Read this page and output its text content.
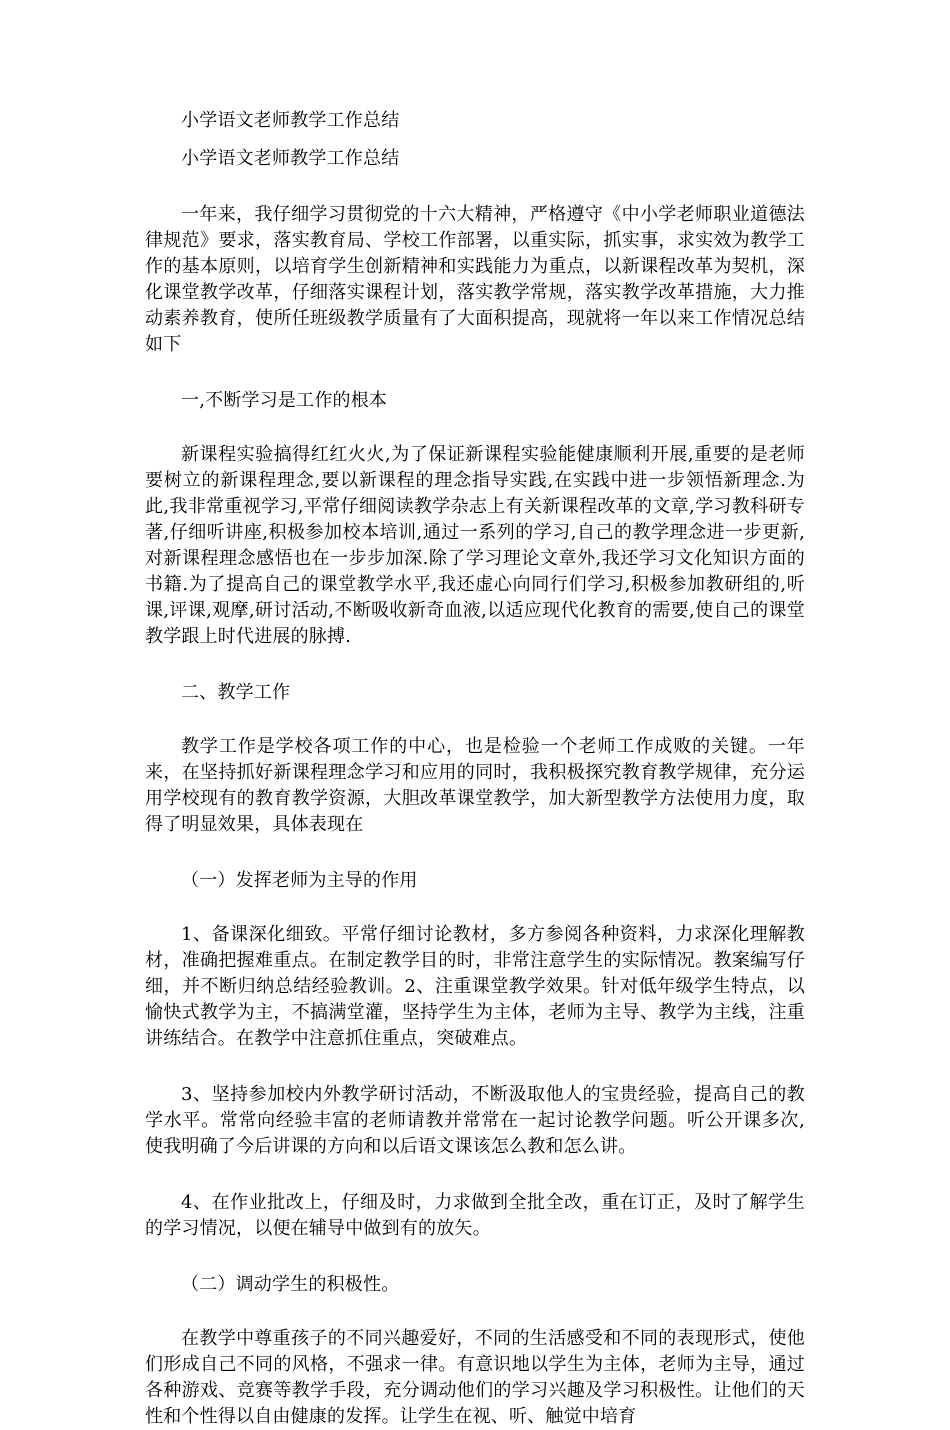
小学语文老师教学工作总结

小学语文老师教学工作总结

一年来，我仔细学习贯彻党的十六大精神，严格遵守《中小学老师职业道德法律规范》要求，落实教育局、学校工作部署，以重实际，抓实事，求实效为教学工作的基本原则，以培育学生创新精神和实践能力为重点，以新课程改革为契机，深化课堂教学改革，仔细落实课程计划，落实教学常规，落实教学改革措施，大力推动素养教育，使所任班级教学质量有了大面积提高，现就将一年以来工作情况总结如下

一,不断学习是工作的根本

新课程实验搞得红红火火,为了保证新课程实验能健康顺利开展,重要的是老师要树立的新课程理念,要以新课程的理念指导实践,在实践中进一步领悟新理念.为此,我非常重视学习,平常仔细阅读教学杂志上有关新课程改革的文章,学习教科研专著,仔细听讲座,积极参加校本培训,通过一系列的学习,自己的教学理念进一步更新,对新课程理念感悟也在一步步加深.除了学习理论文章外,我还学习文化知识方面的书籍.为了提高自己的课堂教学水平,我还虚心向同行们学习,积极参加教研组的,听课,评课,观摩,研讨活动,不断吸收新奇血液,以适应现代化教育的需要,使自己的课堂教学跟上时代进展的脉搏.

二、教学工作

教学工作是学校各项工作的中心，也是检验一个老师工作成败的关键。一年来，在坚持抓好新课程理念学习和应用的同时，我积极探究教育教学规律，充分运用学校现有的教育教学资源，大胆改革课堂教学，加大新型教学方法使用力度，取得了明显效果，具体表现在

（一）发挥老师为主导的作用

1、备课深化细致。平常仔细讨论教材，多方参阅各种资料，力求深化理解教材，准确把握难重点。在制定教学目的时，非常注意学生的实际情况。教案编写仔细，并不断归纳总结经验教训。2、注重课堂教学效果。针对低年级学生特点，以愉快式教学为主，不搞满堂灌，坚持学生为主体，老师为主导、教学为主线，注重讲练结合。在教学中注意抓住重点，突破难点。

3、坚持参加校内外教学研讨活动，不断汲取他人的宝贵经验，提高自己的教学水平。常常向经验丰富的老师请教并常常在一起讨论教学问题。听公开课多次,使我明确了今后讲课的方向和以后语文课该怎么教和怎么讲。

4、在作业批改上，仔细及时，力求做到全批全改，重在订正，及时了解学生的学习情况，以便在辅导中做到有的放矢。

（二）调动学生的积极性。

在教学中尊重孩子的不同兴趣爱好，不同的生活感受和不同的表现形式，使他们形成自己不同的风格，不强求一律。有意识地以学生为主体，老师为主导，通过各种游戏、竞赛等教学手段，充分调动他们的学习兴趣及学习积极性。让他们的天性和个性得以自由健康的发挥。让学生在视、听、触觉中培育
